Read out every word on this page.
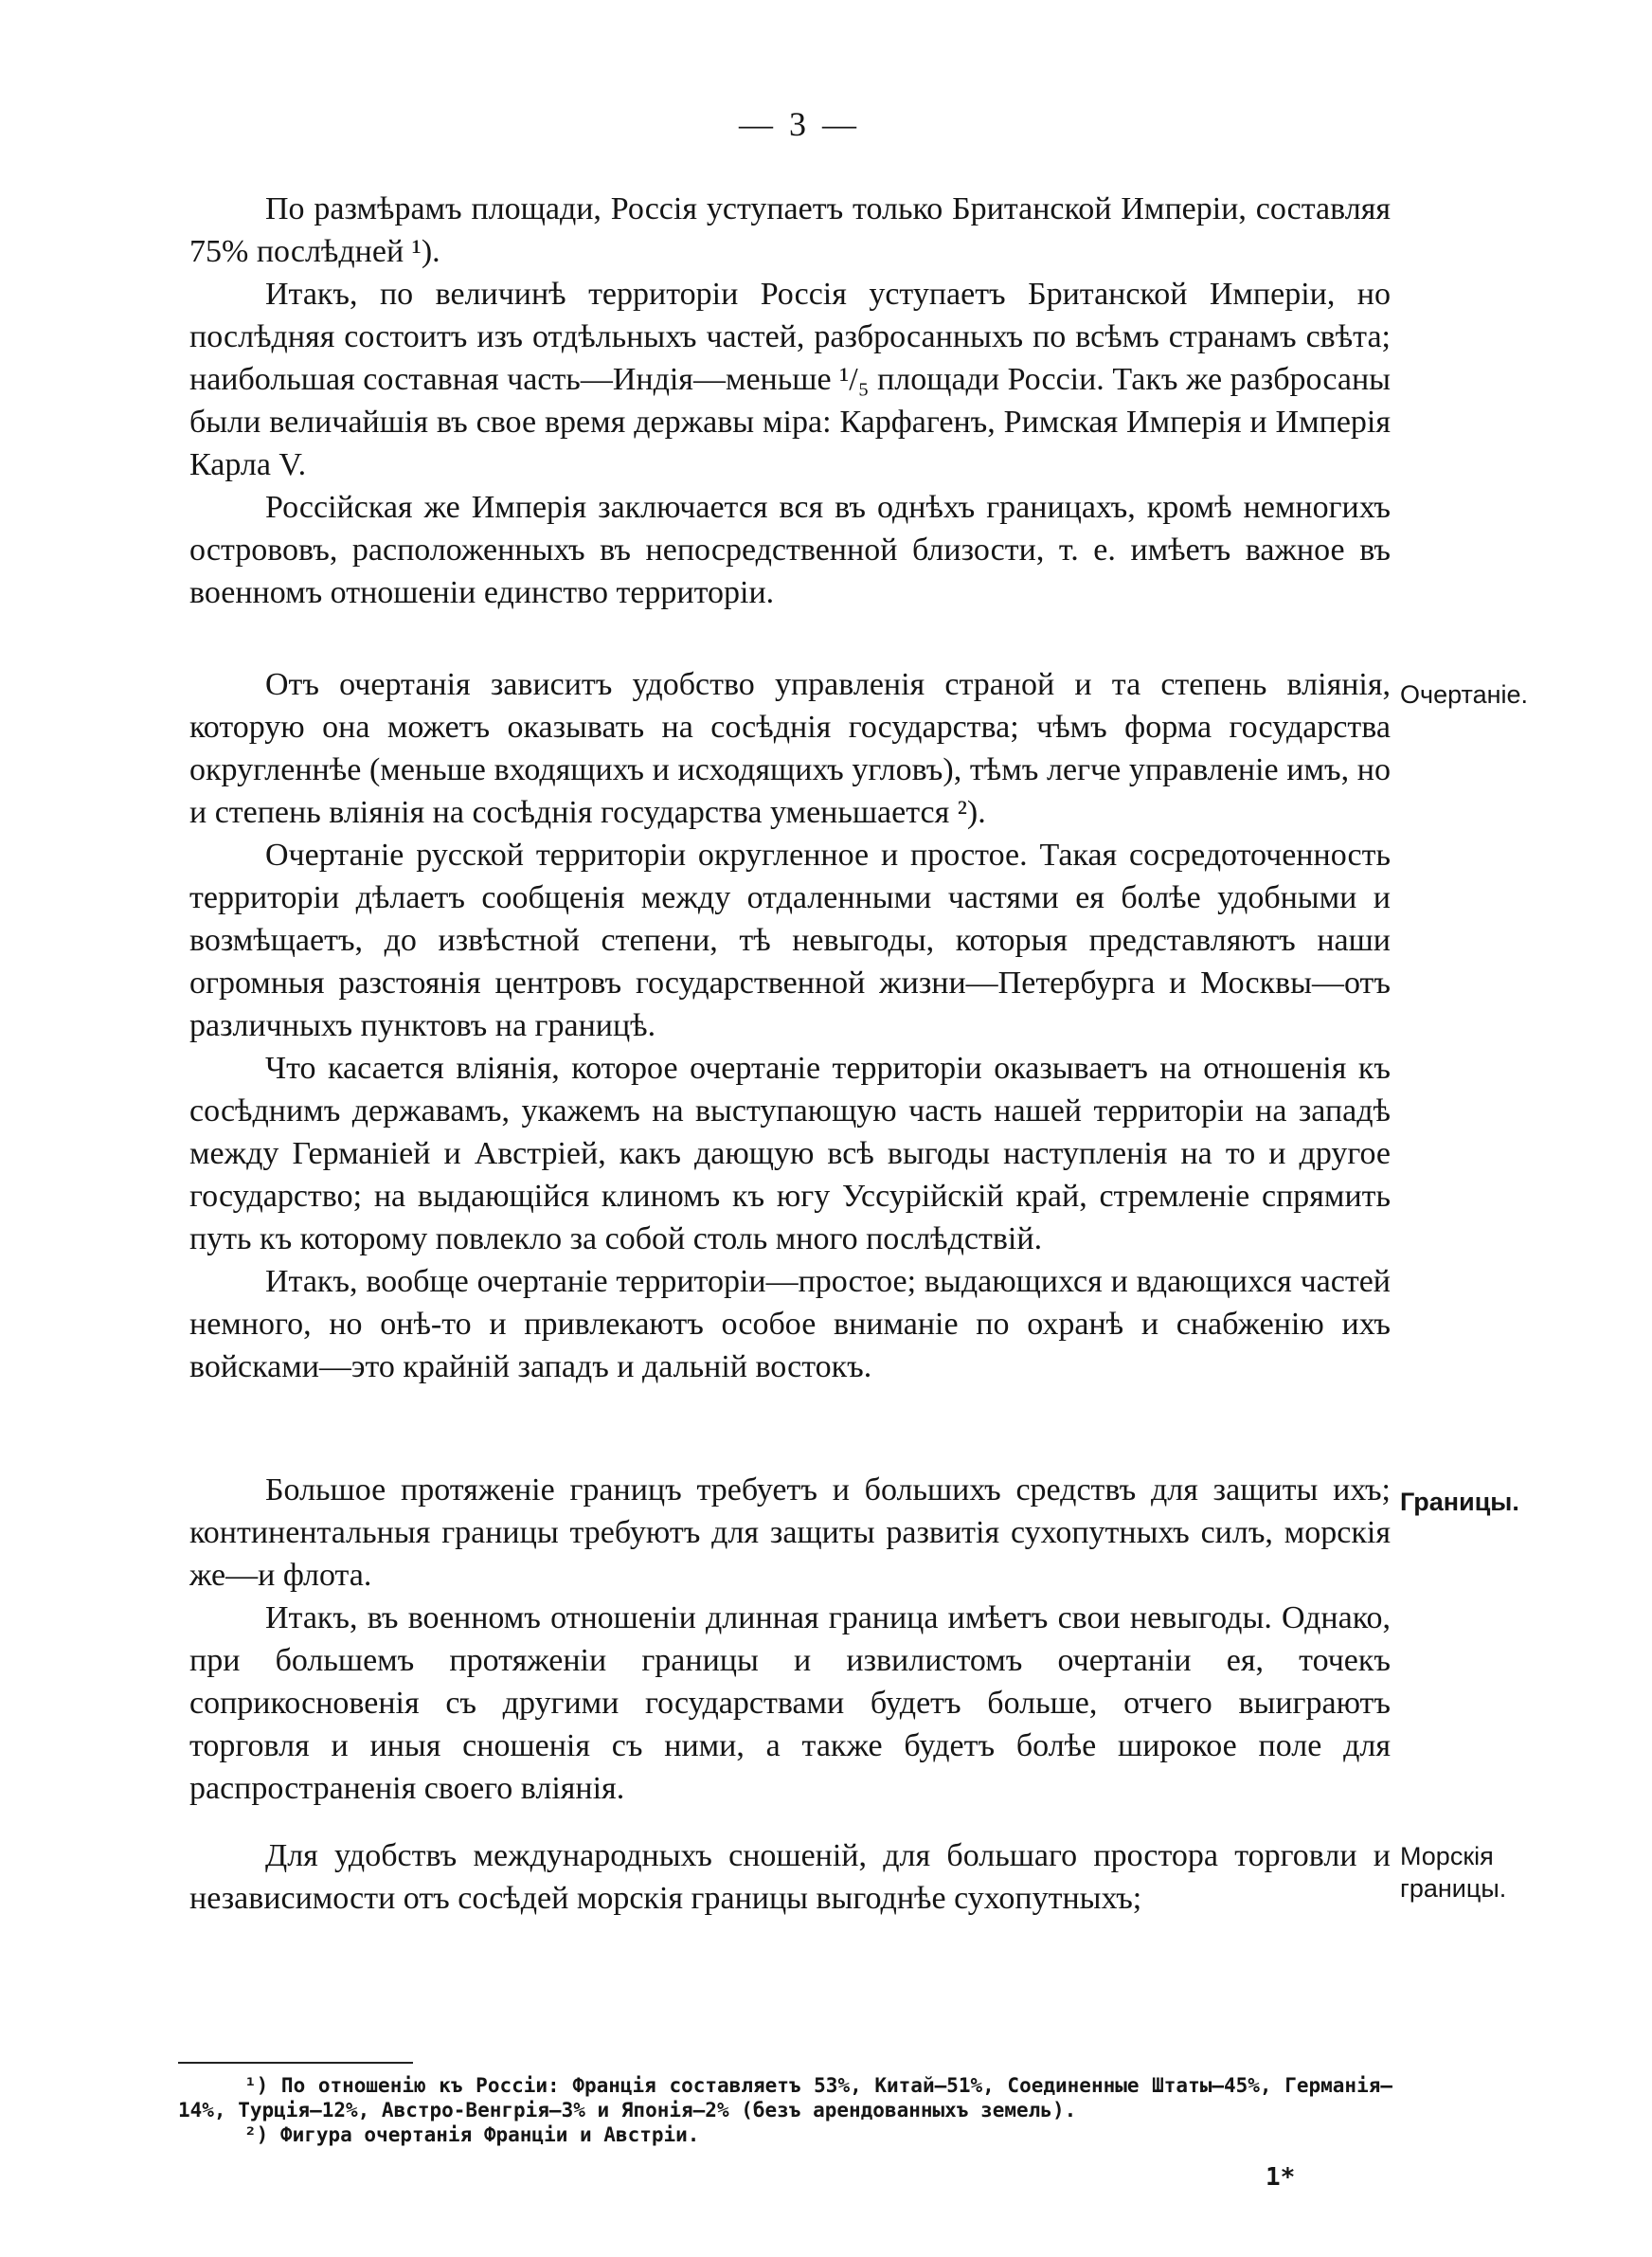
— 3 —

По размѣрамъ площади, Россія уступаетъ только Британской Имперіи, составляя 75% послѣдней ¹).

Итакъ, по величинѣ территоріи Россія уступаетъ Британской Имперіи, но послѣдняя состоитъ изъ отдѣльныхъ частей, разбросанныхъ по всѣмъ странамъ свѣта; наибольшая составная часть—Индія—меньше ¹/₅ площади Россіи. Такъ же разбросаны были величайшія въ свое время державы міра: Карфагенъ, Римская Имперія и Имперія Карла V.

Россійская же Имперія заключается вся въ однѣхъ границахъ, кромѣ немногихъ острововъ, расположенныхъ въ непосредственной близости, т. е. имѣетъ важное въ военномъ отношеніи единство территоріи.

Очертаніе.

Отъ очертанія зависитъ удобство управленія страной и та степень вліянія, которую она можетъ оказывать на сосѣднія государства; чѣмъ форма государства округленнѣе (меньше входящихъ и исходящихъ угловъ), тѣмъ легче управленіе имъ, но и степень вліянія на сосѣднія государства уменьшается ²).

Очертаніе русской территоріи округленное и простое. Такая сосредоточенность территоріи дѣлаетъ сообщенія между отдаленными частями ея болѣе удобными и возмѣщаетъ, до извѣстной степени, тѣ невыгоды, которыя представляютъ наши огромныя разстоянія центровъ государственной жизни—Петербурга и Москвы—отъ различныхъ пунктовъ на границѣ.

Что касается вліянія, которое очертаніе территоріи оказываетъ на отношенія къ сосѣднимъ державамъ, укажемъ на выступающую часть нашей территоріи на западѣ между Германіей и Австріей, какъ дающую всѣ выгоды наступленія на то и другое государство; на выдающійся клиномъ къ югу Уссурійскій край, стремленіе спрямить путь къ которому повлекло за собой столь много послѣдствій.

Итакъ, вообще очертаніе территоріи—простое; выдающихся и вдающихся частей немного, но онѣ-то и привлекаютъ особое вниманіе по охранѣ и снабженію ихъ войсками—это крайній западъ и дальній востокъ.

Границы.

Большое протяженіе границъ требуетъ и большихъ средствъ для защиты ихъ; континентальныя границы требуютъ для защиты развитія сухопутныхъ силъ, морскія же—и флота.

Итакъ, въ военномъ отношеніи длинная граница имѣетъ свои невыгоды. Однако, при большемъ протяженіи границы и извилистомъ очертаніи ея, точекъ соприкосновенія съ другими государствами будетъ больше, отчего выиграютъ торговля и иныя сношенія съ ними, а также будетъ болѣе широкое поле для распространенія своего вліянія.

Морскія границы.

Для удобствъ международныхъ сношеній, для большаго простора торговли и независимости отъ сосѣдей морскія границы выгоднѣе сухопутныхъ;

¹) По отношенію къ Россіи: Франція составляетъ 53%, Китай—51%, Соединенные Штаты—45%, Германія—14%, Турція—12%, Австро-Венгрія—3% и Японія—2% (безъ арендованныхъ земель).

²) Фигура очертанія Франціи и Австріи.

1*
